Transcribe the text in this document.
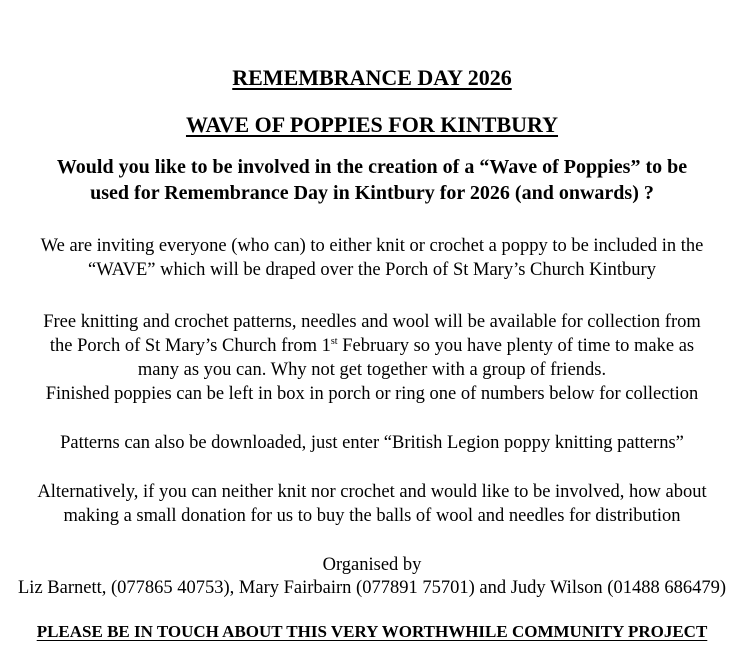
REMEMBRANCE DAY 2026
WAVE OF POPPIES FOR KINTBURY
Would you like to be involved in the creation of a “Wave of Poppies” to be
used for Remembrance Day in Kintbury for 2026 (and onwards) ?
We are inviting everyone (who can) to either knit or crochet a poppy to be included in the
“WAVE” which will be draped over the Porch of St Mary’s Church Kintbury
Free knitting and crochet patterns, needles and wool will be available for collection from
the Porch of St Mary’s Church from 1st February so you have plenty of time to make as
many as you can. Why not get together with a group of friends.
Finished poppies can be left in box in porch or ring one of numbers below for collection
Patterns can also be downloaded, just enter “British Legion poppy knitting patterns”
Alternatively, if you can neither knit nor crochet and would like to be involved, how about
making a small donation for us to buy the balls of wool and needles for distribution
Organised by
Liz Barnett, (077865 40753), Mary Fairbairn (077891 75701) and Judy Wilson (01488 686479)
PLEASE BE IN TOUCH ABOUT THIS VERY WORTHWHILE COMMUNITY PROJECT
